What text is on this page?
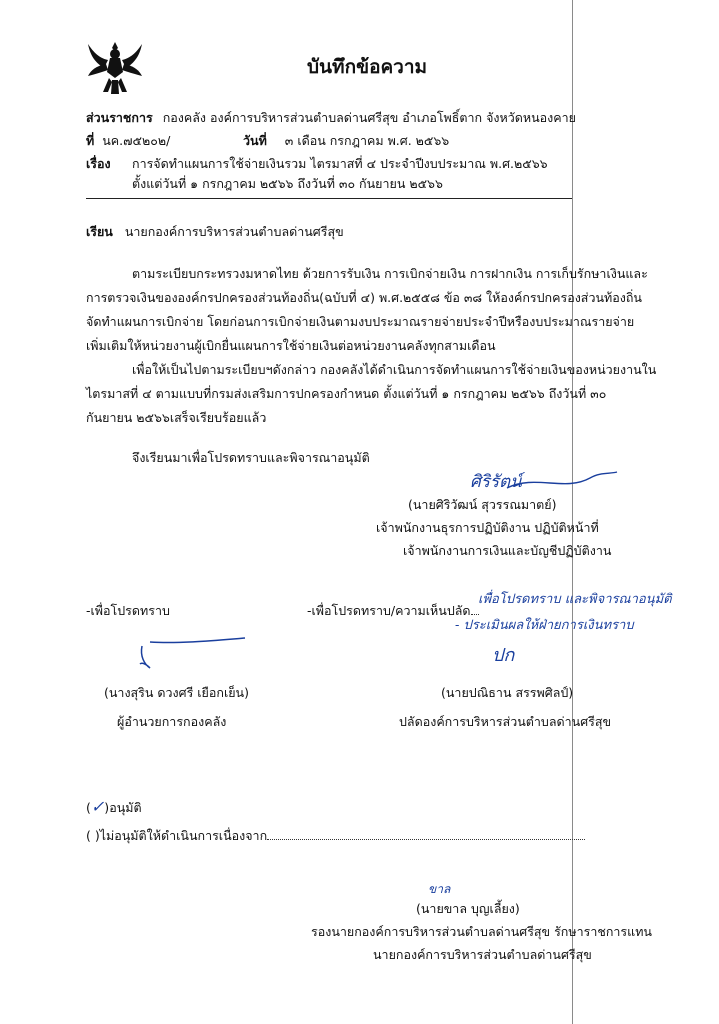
บันทึกข้อความ
ส่วนราชการ กองคลัง องค์การบริหารส่วนตำบลด่านศรีสุข อำเภอโพธิ์ตาก จังหวัดหนองคาย
ที่ นค.๗๕๒๐๒/	วันที่ ๓ เดือน กรกฎาคม พ.ศ. ๒๕๖๖
เรื่อง การจัดทำแผนการใช้จ่ายเงินรวม ไตรมาสที่ ๔ ประจำปีงบประมาณ พ.ศ.๒๕๖๖
ตั้งแต่วันที่ ๑ กรกฎาคม ๒๕๖๖ ถึงวันที่ ๓๐ กันยายน ๒๕๖๖
เรียน นายกองค์การบริหารส่วนตำบลด่านศรีสุข
ตามระเบียบกระทรวงมหาดไทย ด้วยการรับเงิน การเบิกจ่ายเงิน การฝากเงิน การเก็บรักษาเงินและ
การตรวจเงินขององค์กรปกครองส่วนท้องถิ่น(ฉบับที่ ๔) พ.ศ.๒๕๕๘ ข้อ ๓๘ ให้องค์กรปกครองส่วนท้องถิ่น
จัดทำแผนการเบิกจ่าย โดยก่อนการเบิกจ่ายเงินตามงบประมาณรายจ่ายประจำปีหรืองบประมาณรายจ่าย
เพิ่มเติมให้หน่วยงานผู้เบิกยื่นแผนการใช้จ่ายเงินต่อหน่วยงานคลังทุกสามเดือน
เพื่อให้เป็นไปตามระเบียบฯดังกล่าว กองคลังได้ดำเนินการจัดทำแผนการใช้จ่ายเงินของหน่วยงานใน
ไตรมาสที่ ๔ ตามแบบที่กรมส่งเสริมการปกครองกำหนด ตั้งแต่วันที่ ๑ กรกฎาคม ๒๕๖๖ ถึงวันที่ ๓๐
กันยายน ๒๕๖๖เสร็จเรียบร้อยแล้ว
จึงเรียนมาเพื่อโปรดทราบและพิจารณาอนุมัติ
ศิริรัตน์
(นายศิริวัฒน์ สุวรรณมาตย์)
เจ้าพนักงานธุรการปฏิบัติงาน ปฏิบัติหน้าที่
เจ้าพนักงานการเงินและบัญชีปฏิบัติงาน
-เพื่อโปรดทราบ
(นางสุริน ดวงศรี เยือกเย็น)
ผู้อำนวยการกองคลัง
-เพื่อโปรดทราบ/ความเห็นปลัด
เพื่อโปรดทราบ และพิจารณาอนุมัติ
- ประเมินผลให้ฝ่ายการเงินทราบ
ปก
(นายปณิธาน สรรพศิลป์)
ปลัดองค์การบริหารส่วนตำบลด่านศรีสุข
(✓)อนุมัติ
( )ไม่อนุมัติให้ดำเนินการเนื่องจาก
ขาล
(นายขาล บุญเลี้ยง)
รองนายกองค์การบริหารส่วนตำบลด่านศรีสุข รักษาราชการแทน
นายกองค์การบริหารส่วนตำบลด่านศรีสุข
